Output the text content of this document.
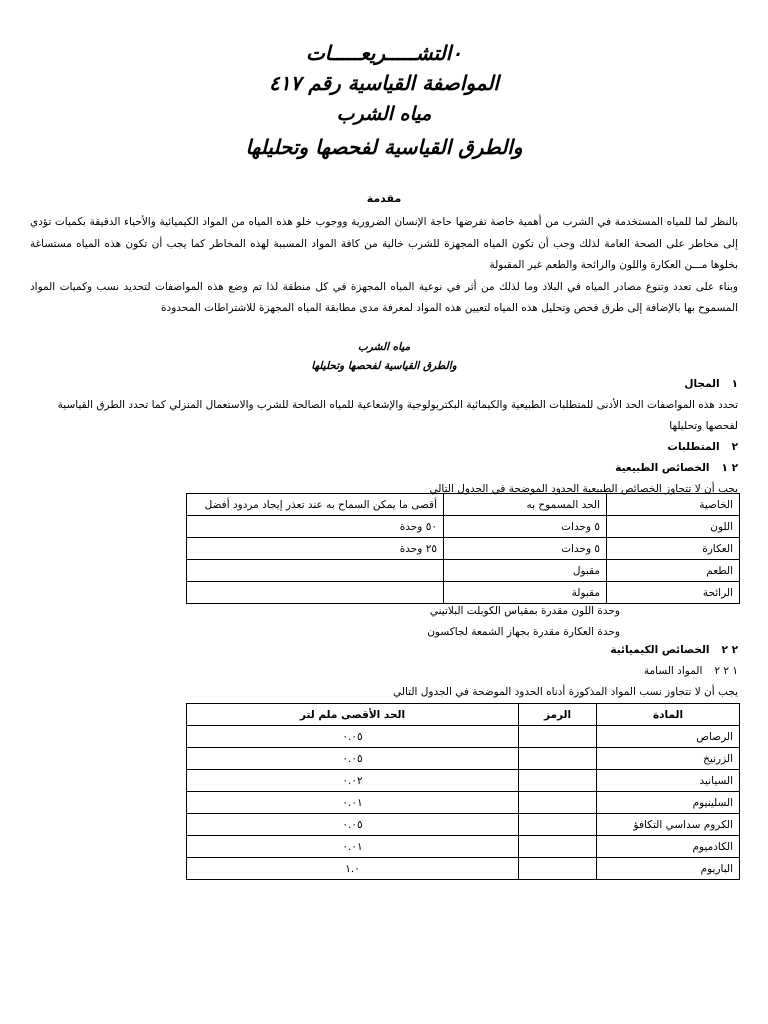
٠التشـــــريعـــــات
المواصفة القياسية رقم ٤١٧
مياه الشرب
والطرق القياسية لفحصها وتحليلها
مقدمة

بالنظر لما للمياه المستخدمة في الشرب من أهمية خاصة تفرضها حاجة الإنسان الضرورية ووجوب خلو هذه المياه من المواد الكيميائية والأحياء الدقيقة بكميات تؤدي إلى مخاطر على الصحة العامة لذلك وجب أن تكون المياه المجهزة للشرب خالية من كافة المواد المسببة لهذه المخاطر كما يجب أن تكون هذه المياه مستساغة بخلوها مـــن العكارة واللون والرائحة والطعم غير المقبولة

وبناء على تعدد وتنوع مصادر المياه في البلاد وما لذلك من أثر في نوعية المياه المجهزة في كل منطقة لذا تم وضع هذه المواصفات لتحديد نسب وكميات المواد المسموح بها بالإضافة إلى طرق فحص وتحليل هذه المياه لتعيين هذه المواد لمعرفة مدى مطابقة المياه المجهزة للاشتراطات المحدودة

مياه الشرب
والطرق القياسية لفحصها وتحليلها

١المجال

تحدد هذه المواصفات الحد الأدنى للمتطلبات الطبيعية والكيمائية البكتريولوجية والإشعاعية للمياه الصالحة للشرب والاستعمال المنزلي كما تحدد الطرق القياسية لفحصها وتحليلها

٢المتطلبات

٢ ١الخصائص الطبيعية

يجب أن لا تتجاوز الخصائص الطبيعية الحدود الموضحة في الجدول التالي

الخاصية	الحد المسموح به	أقصى ما يمكن السماح به عند تعذر إيجاد مردود أفضل
اللون	٥ وحدات	٥٠ وحدة
العكارة	٥ وحدات	٢٥ وحدة
الطعم	مقبول	
الرائحة	مقبولة	

وحدة اللون مقدرة بمقياس الكوبلت البلاتيني

وحدة العكارة مقدرة بجهاز الشمعة لجاكسون

٢ ٢الخصائص الكيميائية

١ ٢ ٢المواد السامة

يجب أن لا تتجاوز نسب المواد المذكورة أدناه الحدود الموضحة في الجدول التالي

المادة	الرمز	الحد الأقصى ملم لتر
الرصاص		٠.٠٥
الزرنيخ		٠.٠٥
السيانيد		٠.٠٢
السلينيوم		٠.٠١
الكروم سداسي التكافؤ		٠.٠٥
الكادميوم		٠.٠١
الباريوم		١.٠
